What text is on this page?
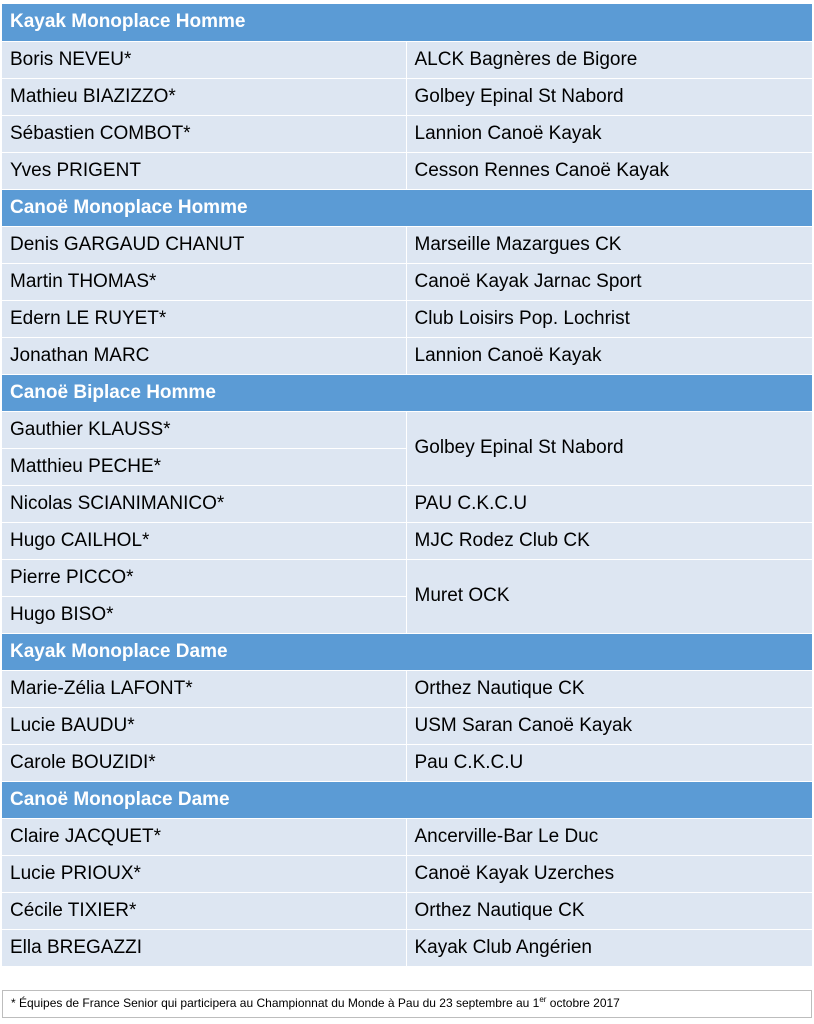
Kayak Monoplace Homme	
Boris NEVEU*	ALCK Bagnères de Bigore
Mathieu BIAZIZZO*	Golbey Epinal St Nabord
Sébastien COMBOT*	Lannion Canoë Kayak
Yves PRIGENT	Cesson Rennes Canoë Kayak
Canoë Monoplace Homme	
Denis GARGAUD CHANUT	Marseille Mazargues CK
Martin THOMAS*	Canoë Kayak Jarnac Sport
Edern LE RUYET*	Club Loisirs Pop. Lochrist
Jonathan MARC	Lannion Canoë Kayak
Canoë Biplace Homme	
Gauthier KLAUSS*	Golbey Epinal St Nabord
Matthieu PECHE*	
Nicolas SCIANIMANICO*	PAU C.K.C.U
Hugo CAILHOL*	MJC Rodez Club CK
Pierre PICCO*	Muret OCK
Hugo BISO*	
Kayak Monoplace Dame	
Marie-Zélia LAFONT*	Orthez Nautique CK
Lucie BAUDU*	USM Saran Canoë Kayak
Carole BOUZIDI*	Pau C.K.C.U
Canoë Monoplace Dame	
Claire JACQUET*	Ancerville-Bar Le Duc
Lucie PRIOUX*	Canoë Kayak Uzerches
Cécile TIXIER*	Orthez Nautique CK
Ella BREGAZZI	Kayak Club Angérien
* Équipes de France Senior qui participera au Championnat du Monde à Pau du 23 septembre au 1er octobre 2017
